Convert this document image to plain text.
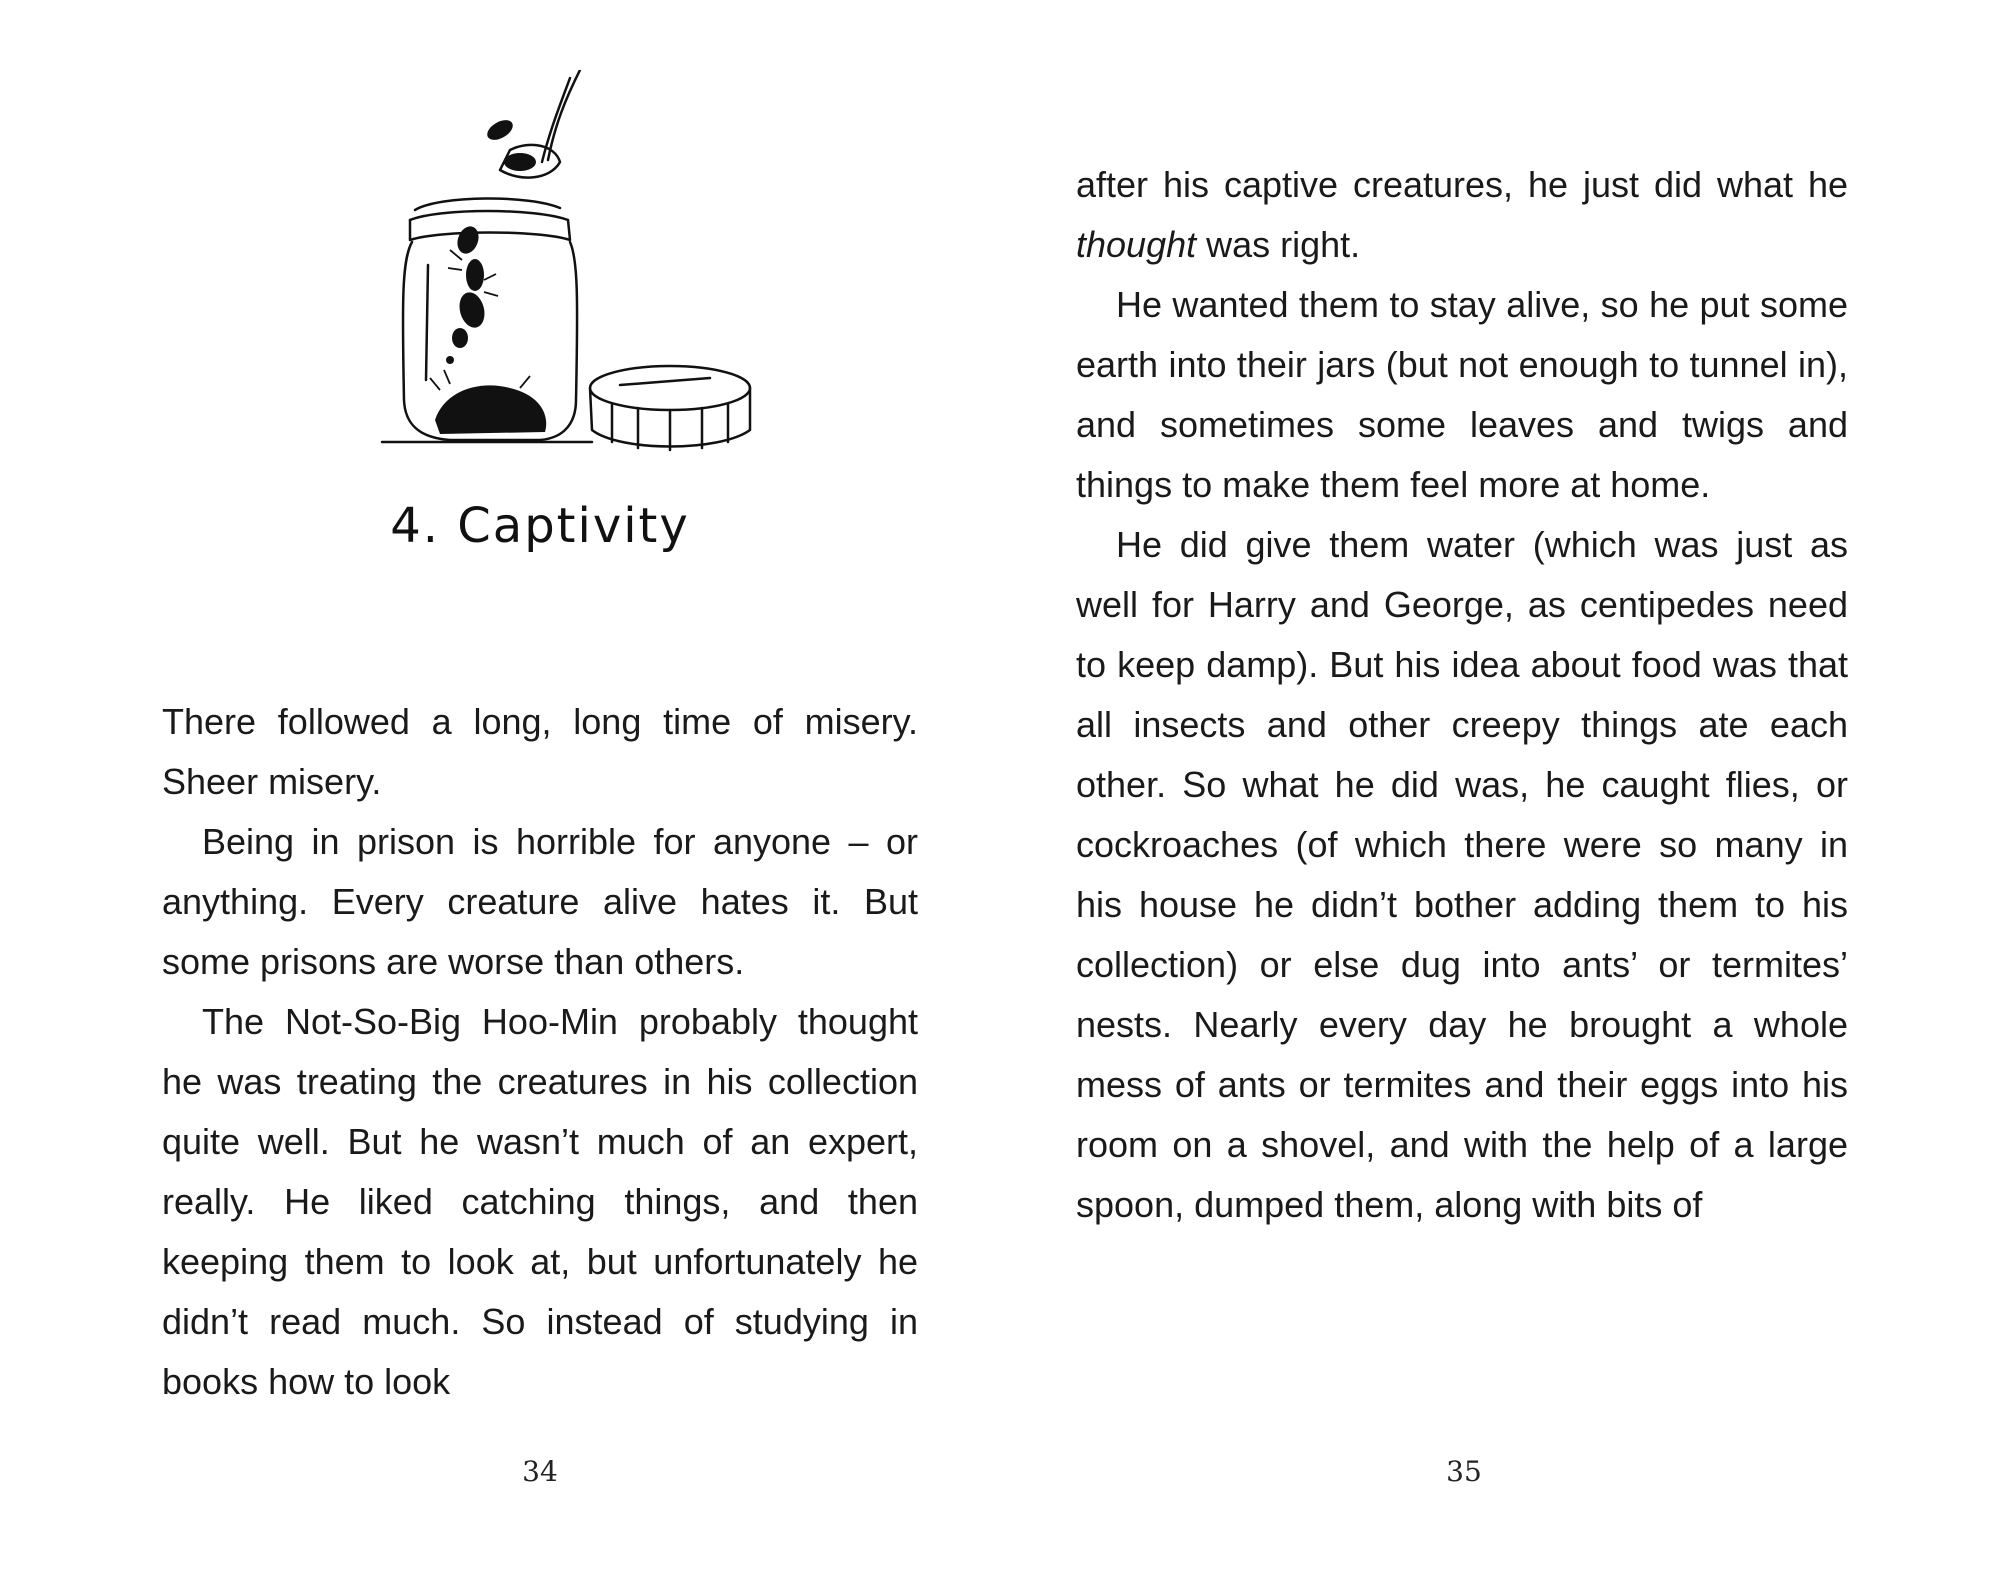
4. Captivity

There followed a long, long time of misery. Sheer misery.

Being in prison is horrible for anyone – or anything. Every creature alive hates it. But some prisons are worse than others.

The Not-So-Big Hoo-Min probably thought he was treating the creatures in his collection quite well. But he wasn’t much of an expert, really. He liked catching things, and then keeping them to look at, but unfortunately he didn’t read much. So instead of studying in books how to look

34

after his captive creatures, he just did what he thought was right.

He wanted them to stay alive, so he put some earth into their jars (but not enough to tunnel in), and sometimes some leaves and twigs and things to make them feel more at home.

He did give them water (which was just as well for Harry and George, as centipedes need to keep damp). But his idea about food was that all insects and other creepy things ate each other. So what he did was, he caught flies, or cockroaches (of which there were so many in his house he didn’t bother adding them to his collection) or else dug into ants’ or termites’ nests. Nearly every day he brought a whole mess of ants or termites and their eggs into his room on a shovel, and with the help of a large spoon, dumped them, along with bits of

35
